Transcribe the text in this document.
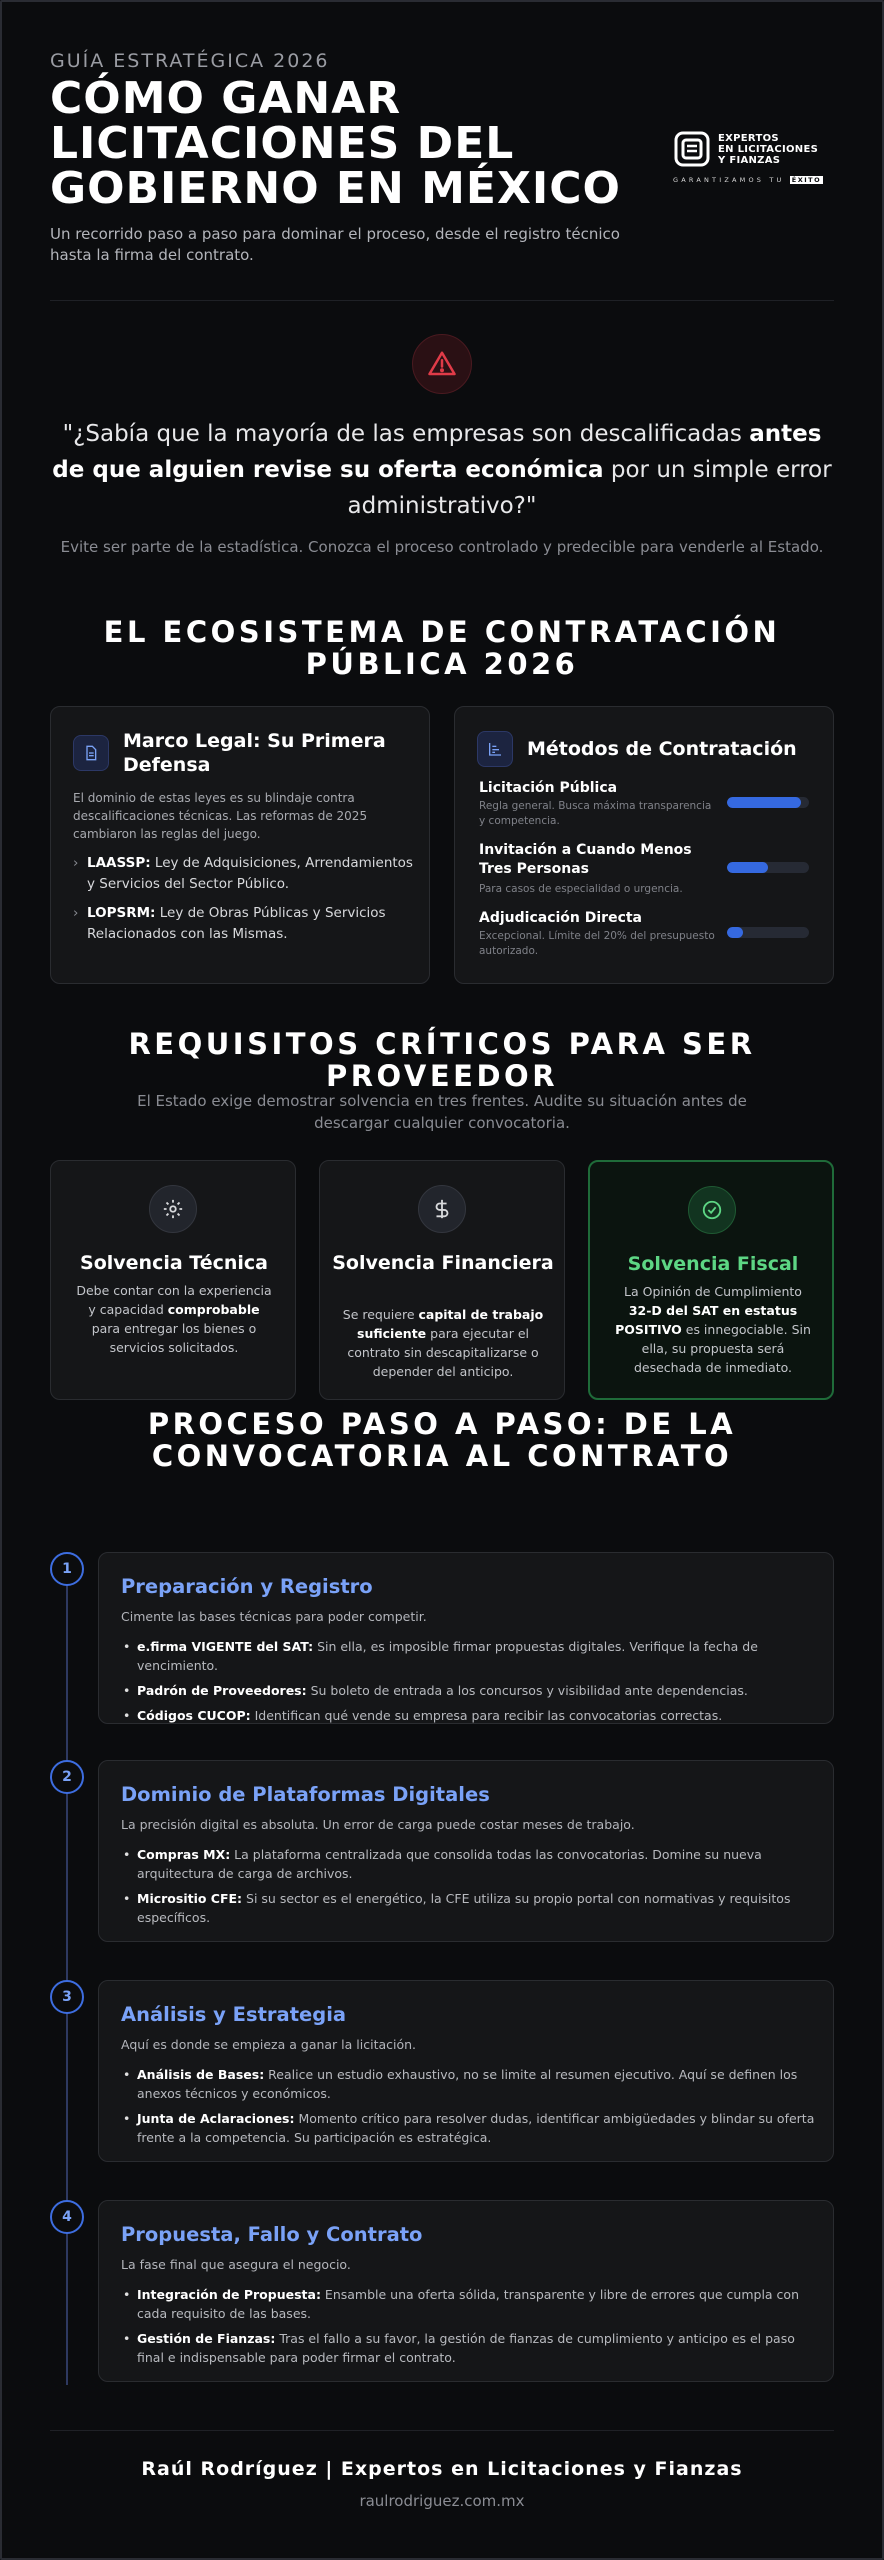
GUÍA ESTRATÉGICA 2026
CÓMO GANAR LICITACIONES DEL GOBIERNO EN MÉXICO

Un recorrido paso a paso para dominar el proceso, desde el registro técnico hasta la firma del contrato.

EXPERTOS
EN LICITACIONES
Y FIANZAS
GARANTIZAMOS TU ÉXITO

"¿Sabía que la mayoría de las empresas son descalificadas antes de que alguien revise su oferta económica por un simple error administrativo?"

Evite ser parte de la estadística. Conozca el proceso controlado y predecible para venderle al Estado.

EL ECOSISTEMA DE CONTRATACIÓN PÚBLICA 2026
Marco Legal: Su Primera Defensa

El dominio de estas leyes es su blindaje contra descalificaciones técnicas. Las reformas de 2025 cambiaron las reglas del juego.

› LAASSP: Ley de Adquisiciones, Arrendamientos y Servicios del Sector Público.
› LOPSRM: Ley de Obras Públicas y Servicios Relacionados con las Mismas.
Métodos de Contratación
Licitación Pública
Regla general. Busca máxima transparencia y competencia.
Invitación a Cuando Menos Tres Personas
Para casos de especialidad o urgencia.
Adjudicación Directa
Excepcional. Límite del 20% del presupuesto autorizado.
REQUISITOS CRÍTICOS PARA SER PROVEEDOR

El Estado exige demostrar solvencia en tres frentes. Audite su situación antes de descargar cualquier convocatoria.

Solvencia Técnica

Debe contar con la experiencia y capacidad comprobable para entregar los bienes o servicios solicitados.

Solvencia Financiera

Se requiere capital de trabajo suficiente para ejecutar el contrato sin descapitalizarse o depender del anticipo.

Solvencia Fiscal

La Opinión de Cumplimiento 32-D del SAT en estatus POSITIVO es innegociable. Sin ella, su propuesta será desechada de inmediato.

PROCESO PASO A PASO: DE LA CONVOCATORIA AL CONTRATO
1
Preparación y Registro
Cimente las bases técnicas para poder competir.
• e.firma VIGENTE del SAT: Sin ella, es imposible firmar propuestas digitales. Verifique la fecha de vencimiento.
• Padrón de Proveedores: Su boleto de entrada a los concursos y visibilidad ante dependencias.
• Códigos CUCOP: Identifican qué vende su empresa para recibir las convocatorias correctas.
2
Dominio de Plataformas Digitales
La precisión digital es absoluta. Un error de carga puede costar meses de trabajo.
• Compras MX: La plataforma centralizada que consolida todas las convocatorias. Domine su nueva arquitectura de carga de archivos.
• Micrositio CFE: Si su sector es el energético, la CFE utiliza su propio portal con normativas y requisitos específicos.
3
Análisis y Estrategia
Aquí es donde se empieza a ganar la licitación.
• Análisis de Bases: Realice un estudio exhaustivo, no se limite al resumen ejecutivo. Aquí se definen los anexos técnicos y económicos.
• Junta de Aclaraciones: Momento crítico para resolver dudas, identificar ambigüedades y blindar su oferta frente a la competencia. Su participación es estratégica.
4
Propuesta, Fallo y Contrato
La fase final que asegura el negocio.
• Integración de Propuesta: Ensamble una oferta sólida, transparente y libre de errores que cumpla con cada requisito de las bases.
• Gestión de Fianzas: Tras el fallo a su favor, la gestión de fianzas de cumplimiento y anticipo es el paso final e indispensable para poder firmar el contrato.
Raúl Rodríguez | Expertos en Licitaciones y Fianzas
raulrodriguez.com.mx
